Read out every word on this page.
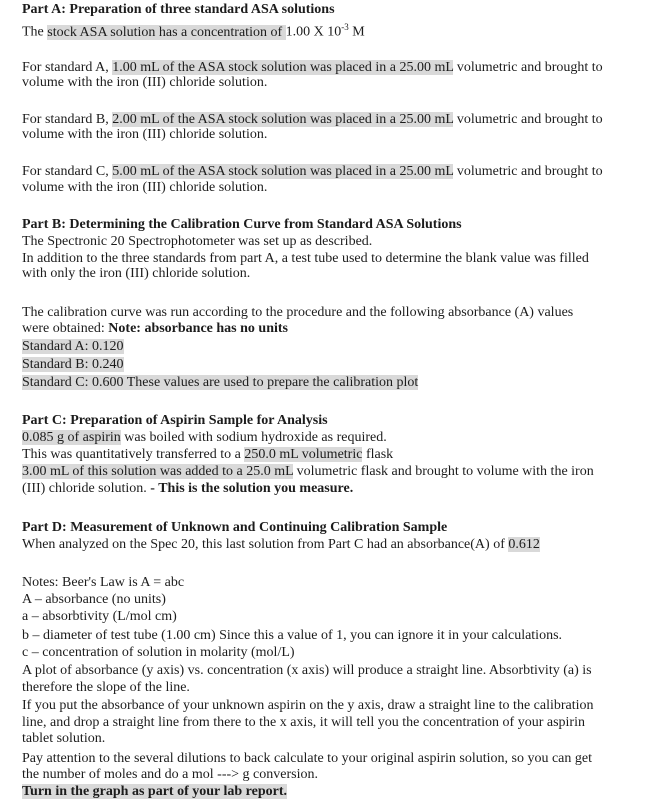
Part A: Preparation of three standard ASA solutions
The stock ASA solution has a concentration of 1.00 X $10^{-3}$ M
For standard A, 1.00 mL of the ASA stock solution was placed in a 25.00 mL volumetric and brought to
volume with the iron (III) chloride solution.
For standard B, 2.00 mL of the ASA stock solution was placed in a 25.00 mL volumetric and brought to
volume with the iron (III) chloride solution.
For standard C, 5.00 mL of the ASA stock solution was placed in a 25.00 mL volumetric and brought to
volume with the iron (III) chloride solution.
Part B: Determining the Calibration Curve from Standard ASA Solutions
The Spectronic 20 Spectrophotometer was set up as described.
In addition to the three standards from part A, a test tube used to determine the blank value was filled
with only the iron (III) chloride solution.
The calibration curve was run according to the procedure and the following absorbance (A) values
were obtained: Note: absorbance has no units
Standard A: 0.120
Standard B: 0.240
Standard C: 0.600 These values are used to prepare the calibration plot
Part C: Preparation of Aspirin Sample for Analysis
0.085 g of aspirin was boiled with sodium hydroxide as required.
This was quantitatively transferred to a 250.0 mL volumetric flask
3.00 mL of this solution was added to a 25.0 mL volumetric flask and brought to volume with the iron
(III) chloride solution. - This is the solution you measure.
Part D: Measurement of Unknown and Continuing Calibration Sample
When analyzed on the Spec 20, this last solution from Part C had an absorbance(A) of 0.612
Notes: Beer's Law is A = abc
A – absorbance (no units)
a – absorbtivity (L/mol cm)
b – diameter of test tube (1.00 cm) Since this a value of 1, you can ignore it in your calculations.
c – concentration of solution in molarity (mol/L)
A plot of absorbance (y axis) vs. concentration (x axis) will produce a straight line. Absorbtivity (a) is
therefore the slope of the line.
If you put the absorbance of your unknown aspirin on the y axis, draw a straight line to the calibration
line, and drop a straight line from there to the x axis, it will tell you the concentration of your aspirin
tablet solution.
Pay attention to the several dilutions to back calculate to your original aspirin solution, so you can get
the number of moles and do a mol ---> g conversion.
Turn in the graph as part of your lab report.
